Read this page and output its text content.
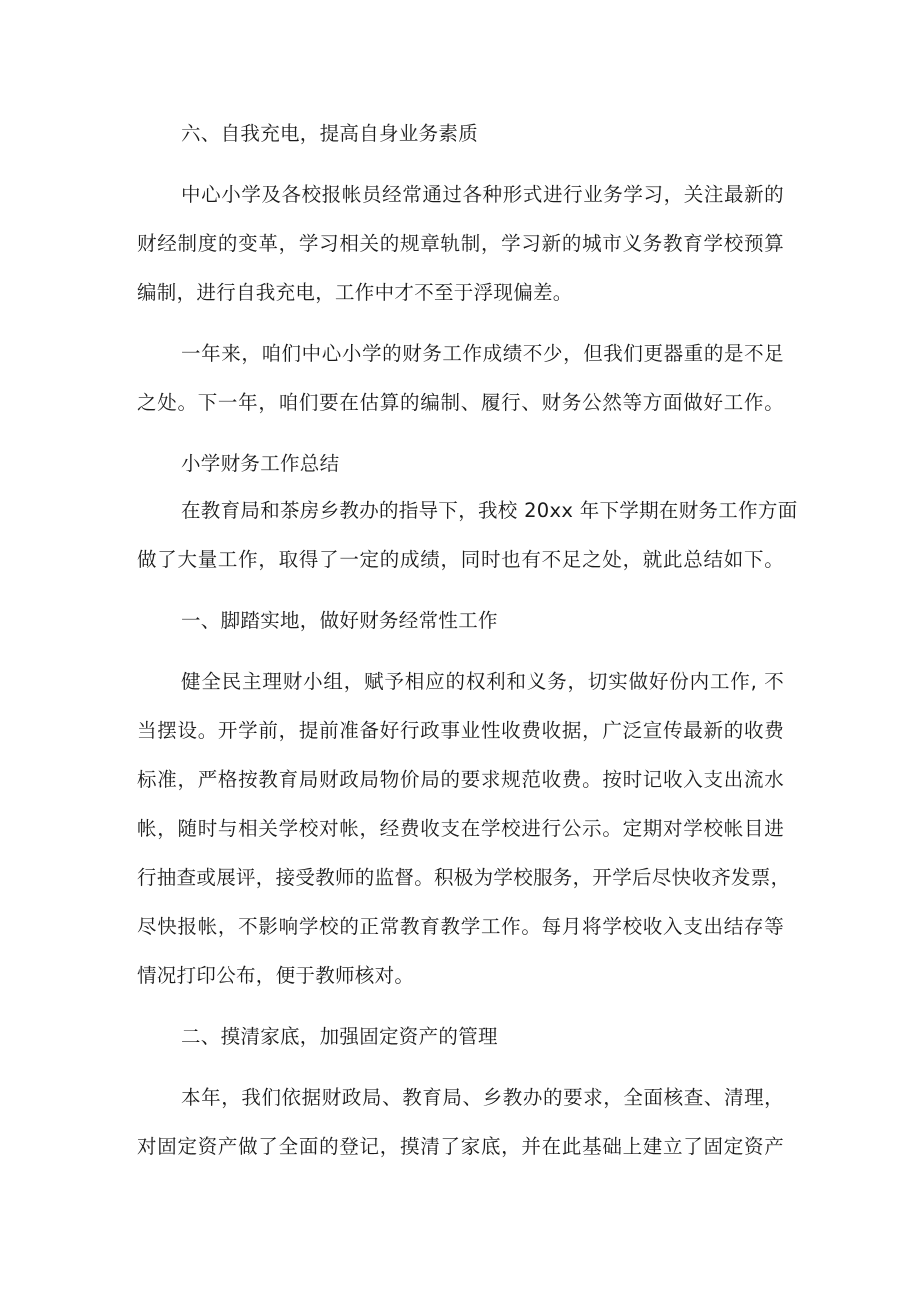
六、自我充电，提高自身业务素质
中心小学及各校报帐员经常通过各种形式进行业务学习，关注最新的
财经制度的变革，学习相关的规章轨制，学习新的城市义务教育学校预算
编制，进行自我充电，工作中才不至于浮现偏差。
一年来，咱们中心小学的财务工作成绩不少，但我们更器重的是不足
之处。下一年，咱们要在估算的编制、履行、财务公然等方面做好工作。
小学财务工作总结
在教育局和茶房乡教办的指导下，我校 20xx 年下学期在财务工作方面
做了大量工作，取得了一定的成绩，同时也有不足之处，就此总结如下。
一、脚踏实地，做好财务经常性工作
健全民主理财小组，赋予相应的权利和义务，切实做好份内工作, 不
当摆设。开学前，提前准备好行政事业性收费收据，广泛宣传最新的收费
标准，严格按教育局财政局物价局的要求规范收费。按时记收入支出流水
帐，随时与相关学校对帐，经费收支在学校进行公示。定期对学校帐目进
行抽查或展评，接受教师的监督。积极为学校服务，开学后尽快收齐发票，
尽快报帐，不影响学校的正常教育教学工作。每月将学校收入支出结存等
情况打印公布，便于教师核对。
二、摸清家底，加强固定资产的管理
本年，我们依据财政局、教育局、乡教办的要求，全面核查、清理，
对固定资产做了全面的登记，摸清了家底，并在此基础上建立了固定资产
